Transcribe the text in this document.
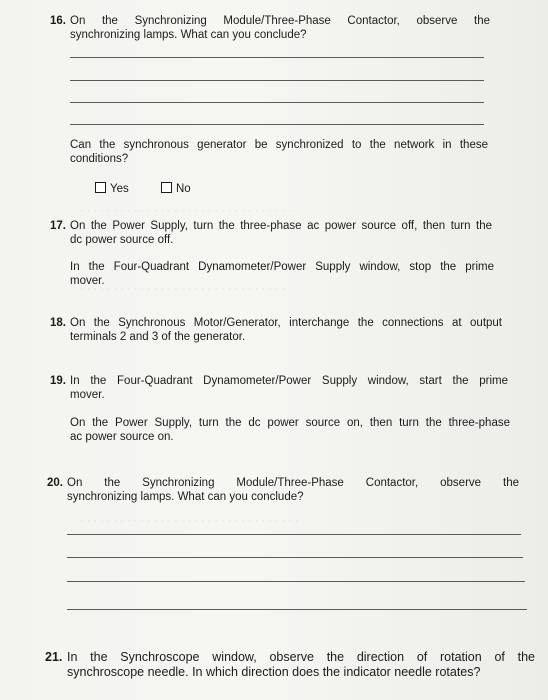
· · · · · · · · · · · · · · · · · · · · · · · · · · · · · · · ·
· · · · · · · · · · · · · · · · · · · · · · · · · · · · · · ·
· · · · · · · · · · · · · · · · · · · · · · · · · · · · · · · · ·
16. On the Synchronizing Module/Three-Phase Contactor, observe the
synchronizing lamps. What can you conclude?
Can the synchronous generator be synchronized to the network in these
conditions?
Yes	No
17. On the Power Supply, turn the three-phase ac power source off, then turn the
dc power source off.
In the Four-Quadrant Dynamometer/Power Supply window, stop the prime
mover.
18. On the Synchronous Motor/Generator, interchange the connections at output
terminals 2 and 3 of the generator.
19. In the Four-Quadrant Dynamometer/Power Supply window, start the prime
mover.
On the Power Supply, turn the dc power source on, then turn the three-phase
ac power source on.
20. On the Synchronizing Module/Three-Phase Contactor, observe the
synchronizing lamps. What can you conclude?
21. In the Synchroscope window, observe the direction of rotation of the
synchroscope needle. In which direction does the indicator needle rotates?
